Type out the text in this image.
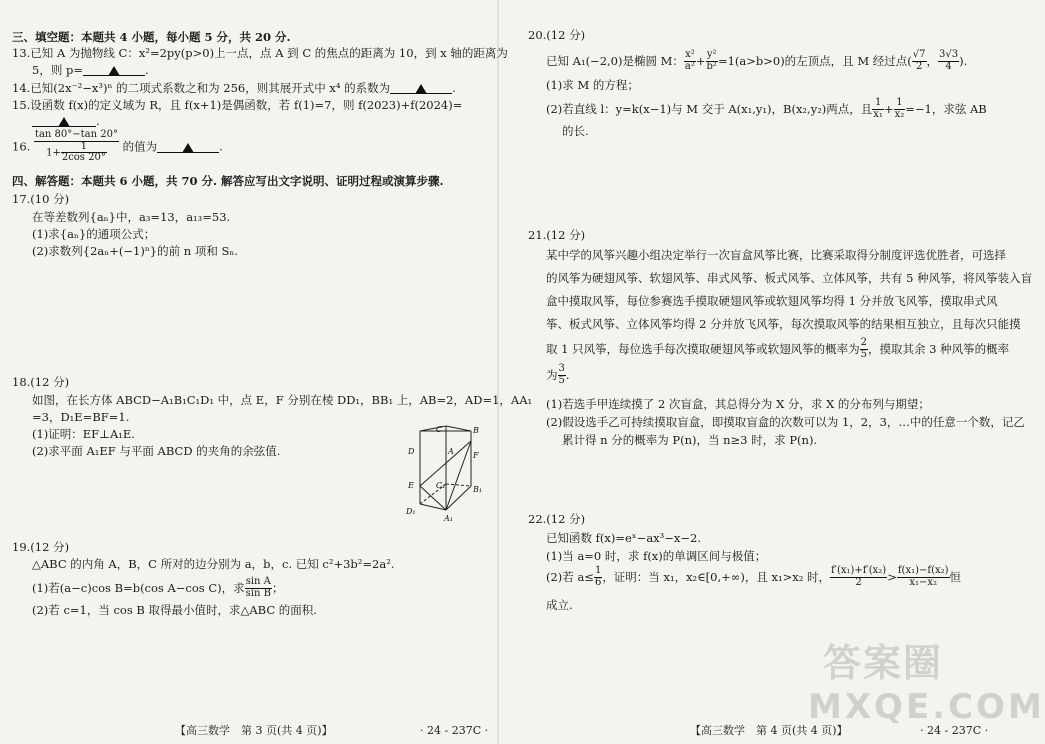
三、填空题：本题共 4 小题，每小题 5 分，共 20 分.
13.已知 A 为抛物线 C：x²=2py(p>0)上一点，点 A 到 C 的焦点的距离为 10，到 x 轴的距离为
5，则 p=	.
14.已知(2x⁻²−x³)ⁿ 的二项式系数之和为 256，则其展开式中 x⁴ 的系数为	.
15.设函数 f(x)的定义域为 R，且 f(x+1)是偶函数，若 f(1)=7，则 f(2023)+f(2024)=
.
16. $\frac{\tan 80^\circ-\tan 20^\circ}{1+ \frac{1}{2\cos 20^\circ}}$ 的值为	.
四、解答题：本题共 6 小题，共 70 分. 解答应写出文字说明、证明过程或演算步骤.
17.(10 分)
在等差数列{aₙ}中，a₃=13，a₁₃=53.
(1)求{aₙ}的通项公式；
(2)求数列{2aₙ+(−1)ⁿ}的前 n 项和 Sₙ.
18.(12 分)
如图，在长方体 ABCD−A₁B₁C₁D₁ 中，点 E，F 分别在棱 DD₁，BB₁ 上，AB=2，AD=1，AA₁
=3，D₁E=BF=1.
(1)证明：EF⊥A₁E.
(2)求平面 A₁EF 与平面 ABCD 的夹角的余弦值.
C	B
D	A F
E	C₁	B₁
D₁
A₁
19.(12 分)
△ABC 的内角 A，B，C 所对的边分别为 a，b，c. 已知 c²+3b²=2a².
(1)若(a−c)cos B=b(cos A−cos C)，求 $\frac{\text{sin A}}{\text{sin B}}$ ；
(2)若 c=1，当 cos B 取得最小值时，求△ABC 的面积.
【高三数学　第 3 页(共 4 页)】	· 24 - 237C ·
20.(12 分)
已知 A₁(−2,0)是椭圆 M： $\frac{\text{x²}}{\text{a²}} + \frac{\text{y²}}{\text{b²}} =1(a>b>0)$的左顶点，且 M 经过点( $\frac{√7}{2}$ ， $\frac{3√3}{4}$ ).
(1)求 M 的方程；
(2)若直线 l：y=k(x−1)与 M 交于 A(x₁,y₁)，B(x₂,y₂)两点，且 $\frac{1}{\text{x₁}} + \frac{1}{\text{x₂}} =-1$，求弦 AB
的长.
21.(12 分)
某中学的风筝兴趣小组决定举行一次盲盒风筝比赛，比赛采取得分制度评选优胜者，可选择
的风筝为硬翅风筝、软翅风筝、串式风筝、板式风筝、立体风筝，共有 5 种风筝，将风筝装入盲
盒中摸取风筝，每位参赛选手摸取硬翅风筝或软翅风筝均得 1 分并放飞风筝，摸取串式风
筝、板式风筝、立体风筝均得 2 分并放飞风筝，每次摸取风筝的结果相互独立，且每次只能摸
取 1 只风筝，每位选手每次摸取硬翅风筝或软翅风筝的概率为 $\frac{2}{5}$ ，摸取其余 3 种风筝的概率
为 $\frac{3}{5}$ .
(1)若选手甲连续摸了 2 次盲盒，其总得分为 X 分，求 X 的分布列与期望；
(2)假设选手乙可持续摸取盲盒，即摸取盲盒的次数可以为 1，2，3，…中的任意一个数，记乙
累计得 n 分的概率为 P(n)，当 n≥3 时，求 P(n).
22.(12 分)
已知函数 f(x)=eˣ−ax³−x−2.
(1)当 a=0 时，求 f(x)的单调区间与极值；
(2)若 $a\le \frac{1}{6}$ ，证明：当 x₁，x₂∈[0,+∞)，且 x₁>x₂ 时， $\frac{\text{f′(x₁)+f′(x₂)}}{2} > \frac{\text{f(x₁)−f(x₂)}}{\text{x₁−x₂}}$ 恒
成立.
【高三数学　第 4 页(共 4 页)】	· 24 - 237C ·
答案圈
MXQE.COM
